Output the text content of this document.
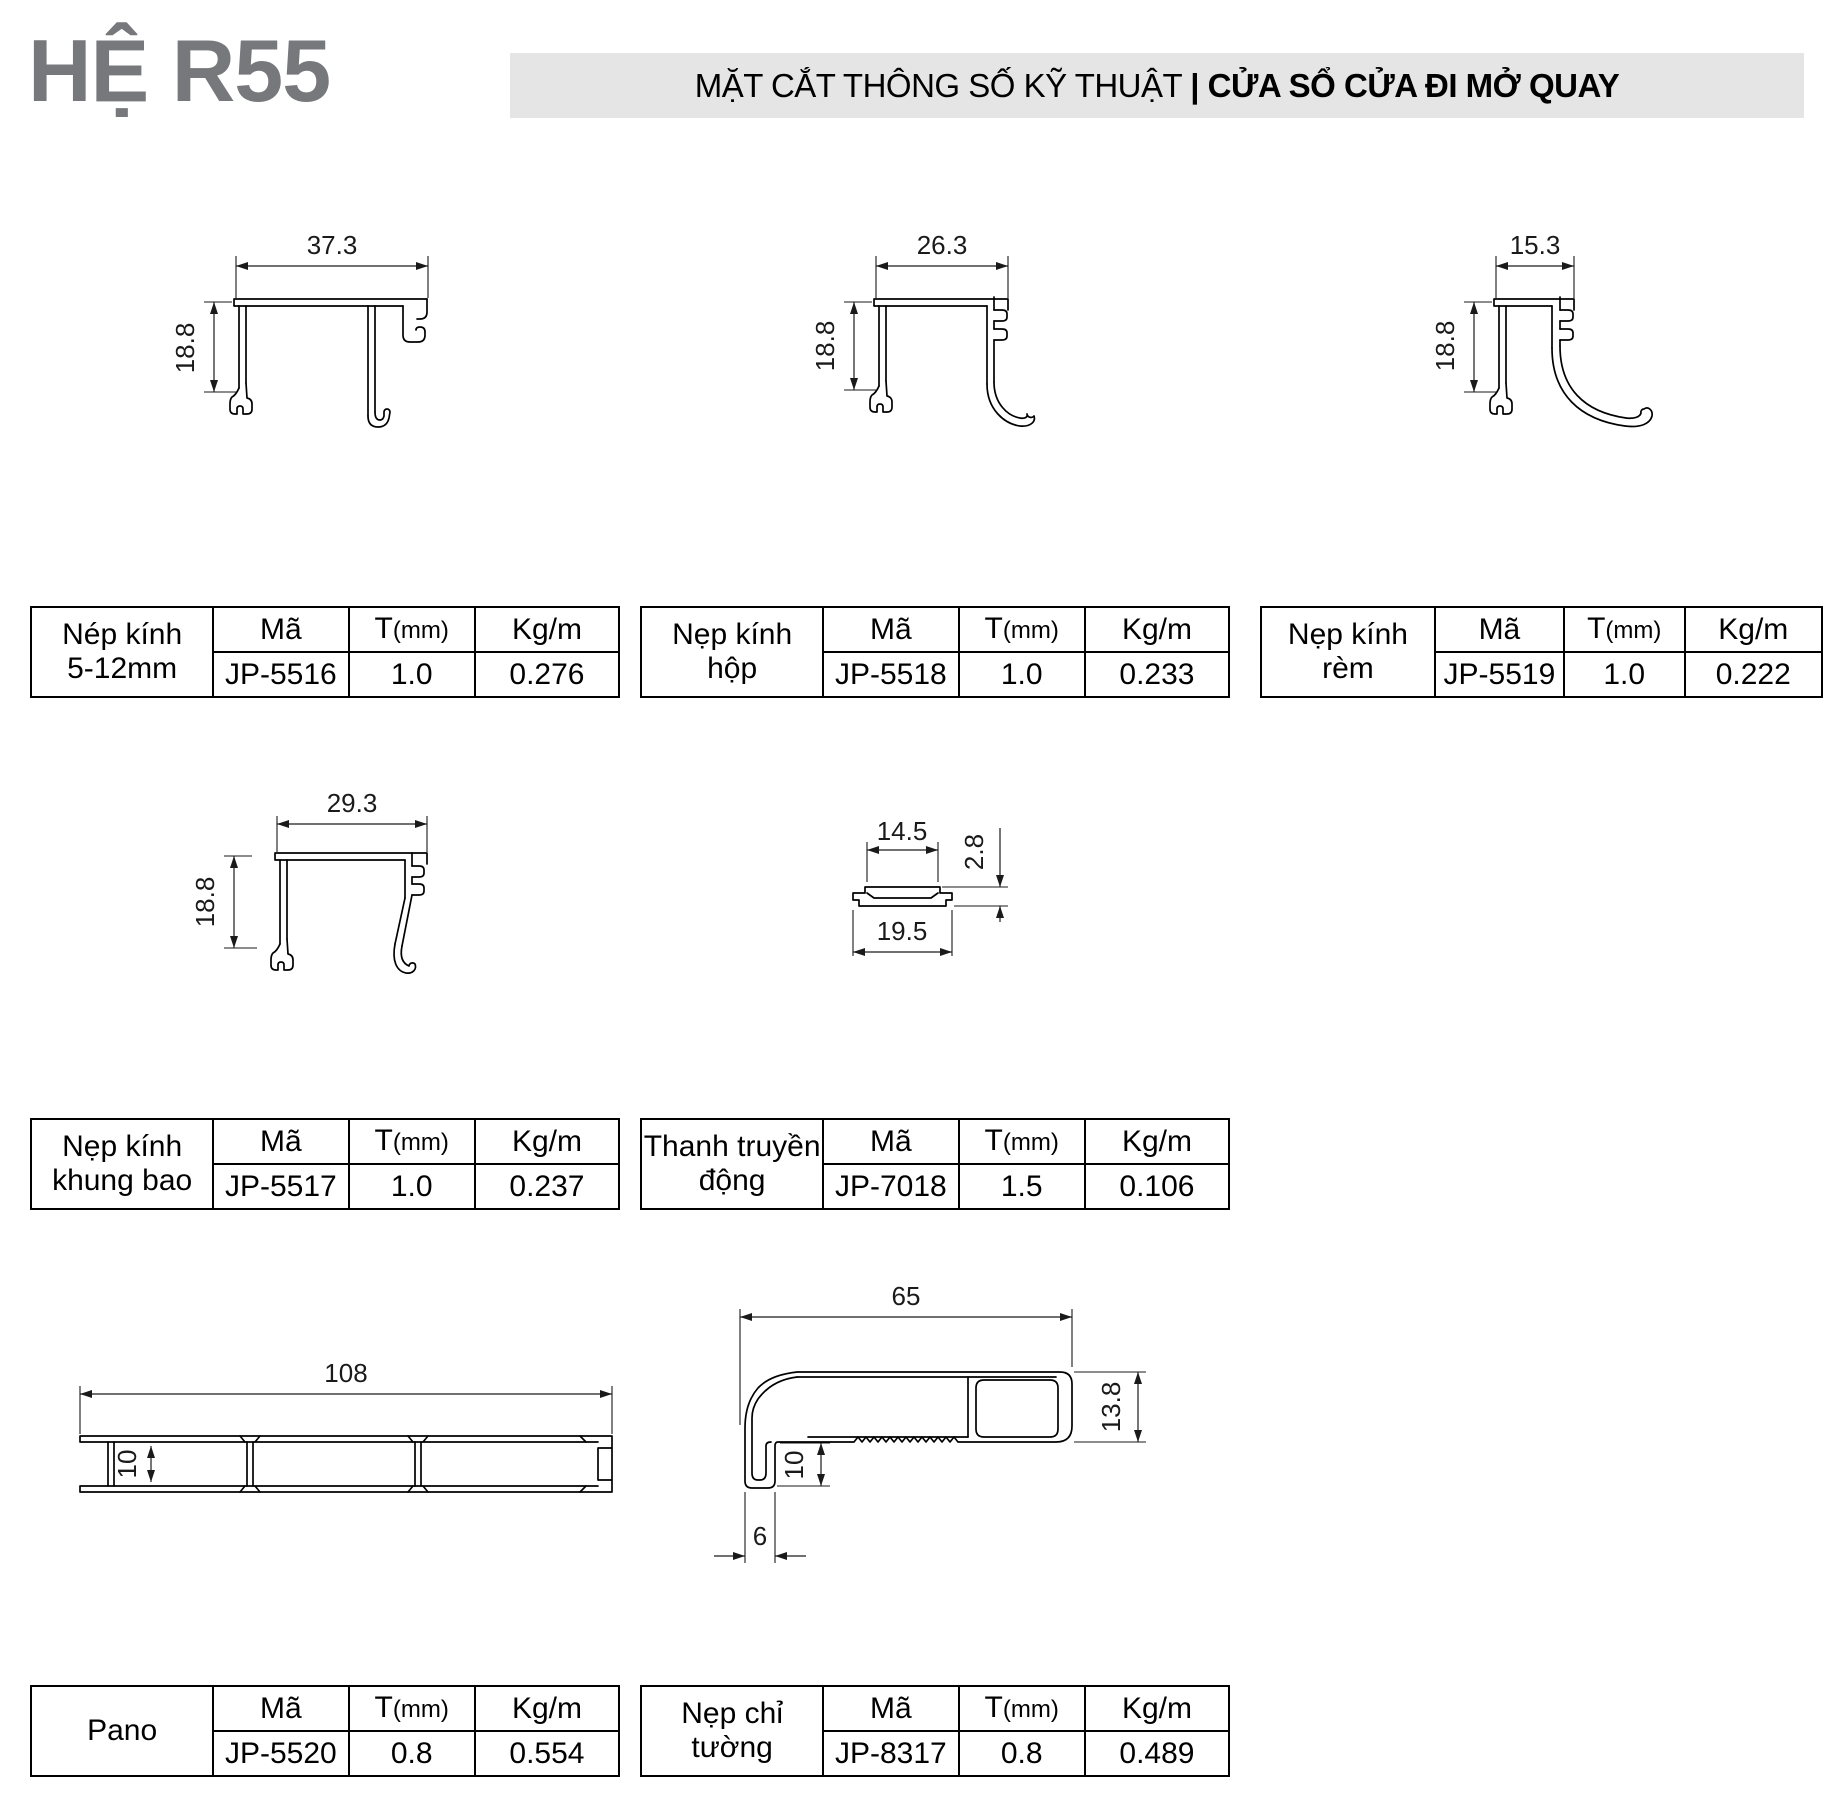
HỆ R55	MẶT CẮT THÔNG SỐ KỸ THUẬT | CỬA SỔ CỬA ĐI MỞ QUAY
37.3
18.8
26.3
18.8
15.3
18.8
29.3
18.8
14.5
2.8
19.5
108
10
65
13.8
10
6
Nép kính
5-12mm	Mã	T(mm)	Kg/m
	JP-5516	1.0	0.276
Nẹp kính
hộp	Mã	T(mm)	Kg/m
	JP-5518	1.0	0.233
Nẹp kính
rèm	Mã	T(mm)	Kg/m
	JP-5519	1.0	0.222
Nẹp kính
khung bao	Mã	T(mm)	Kg/m
	JP-5517	1.0	0.237
Thanh truyền
động	Mã	T(mm)	Kg/m
	JP-7018	1.5	0.106
Pano	Mã	T(mm)	Kg/m
	JP-5520	0.8	0.554
Nẹp chỉ
tường	Mã	T(mm)	Kg/m
	JP-8317	0.8	0.489
